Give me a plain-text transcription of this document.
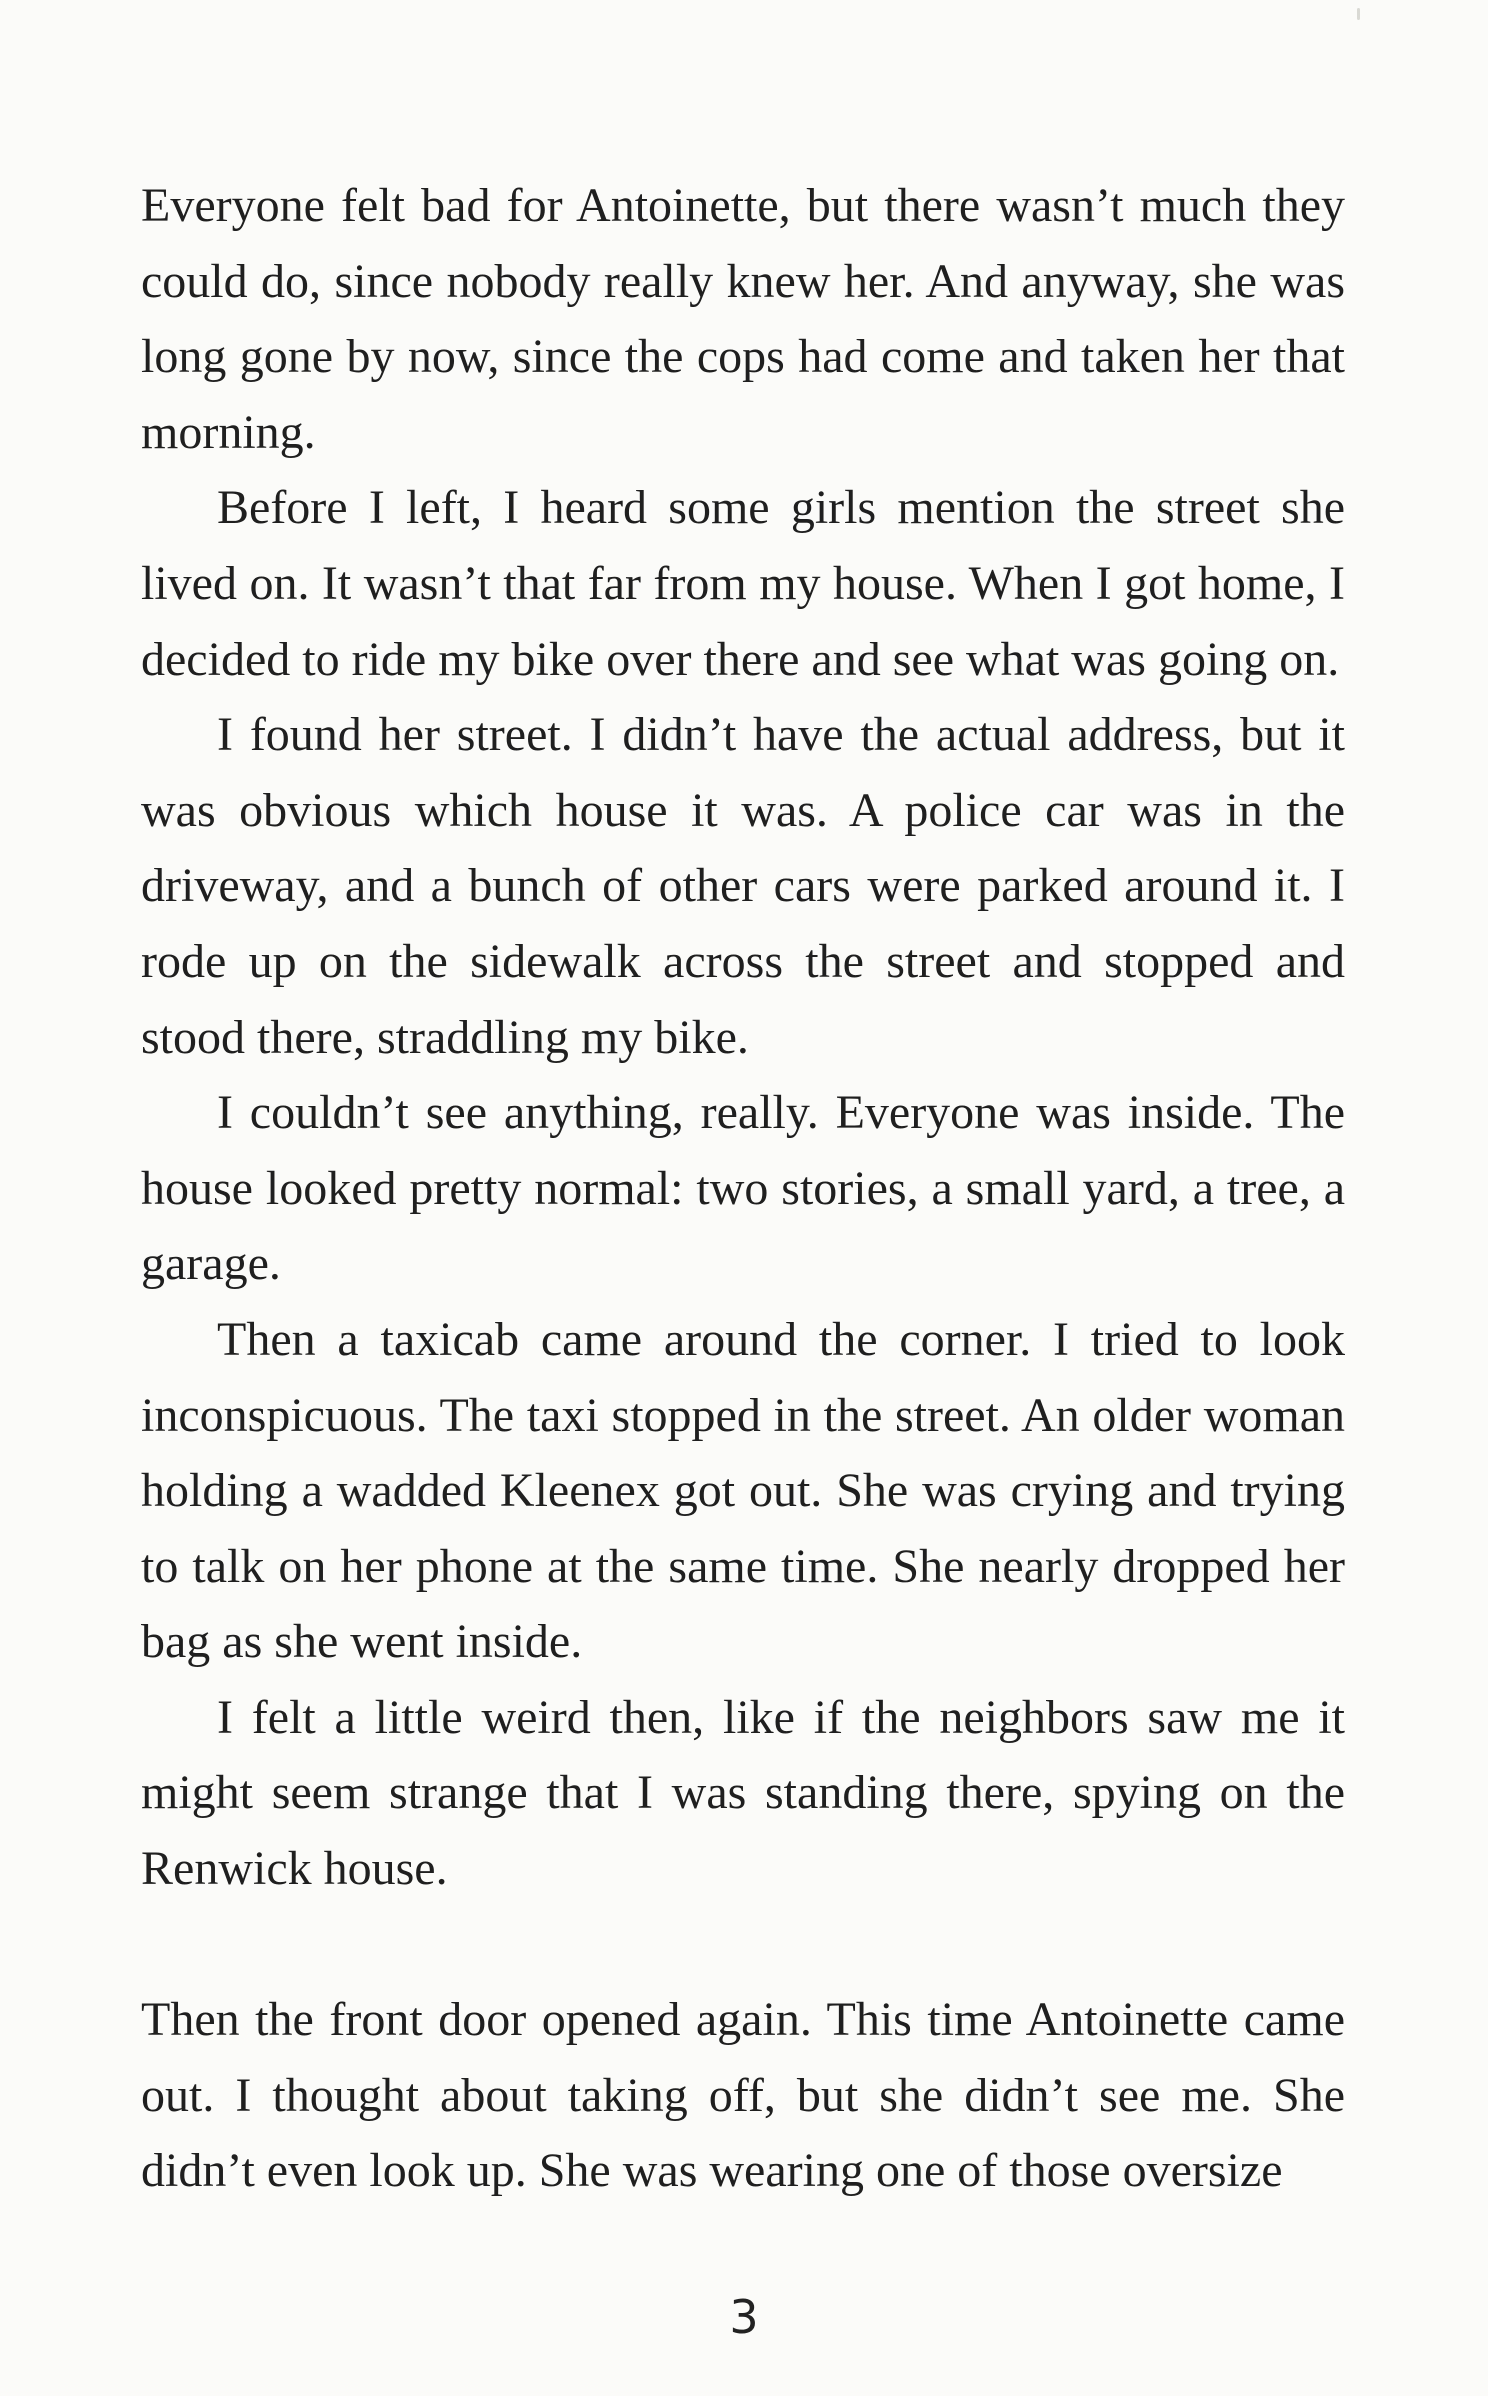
Everyone felt bad for Antoinette, but there wasn’t much they could do, since nobody really knew her. And anyway, she was long gone by now, since the cops had come and taken her that morning.

Before I left, I heard some girls mention the street she lived on. It wasn’t that far from my house. When I got home, I decided to ride my bike over there and see what was going on.

I found her street. I didn’t have the actual address, but it was obvious which house it was. A police car was in the driveway, and a bunch of other cars were parked around it. I rode up on the sidewalk across the street and stopped and stood there, straddling my bike.

I couldn’t see anything, really. Everyone was inside. The house looked pretty normal: two stories, a small yard, a tree, a garage.

Then a taxicab came around the corner. I tried to look inconspicuous. The taxi stopped in the street. An older woman holding a wadded Kleenex got out. She was crying and trying to talk on her phone at the same time. She nearly dropped her bag as she went inside.

I felt a little weird then, like if the neighbors saw me it might seem strange that I was standing there, spying on the Renwick house.

Then the front door opened again. This time Antoinette came out. I thought about taking off, but she didn’t see me. She didn’t even look up. She was wearing one of those oversize

3
